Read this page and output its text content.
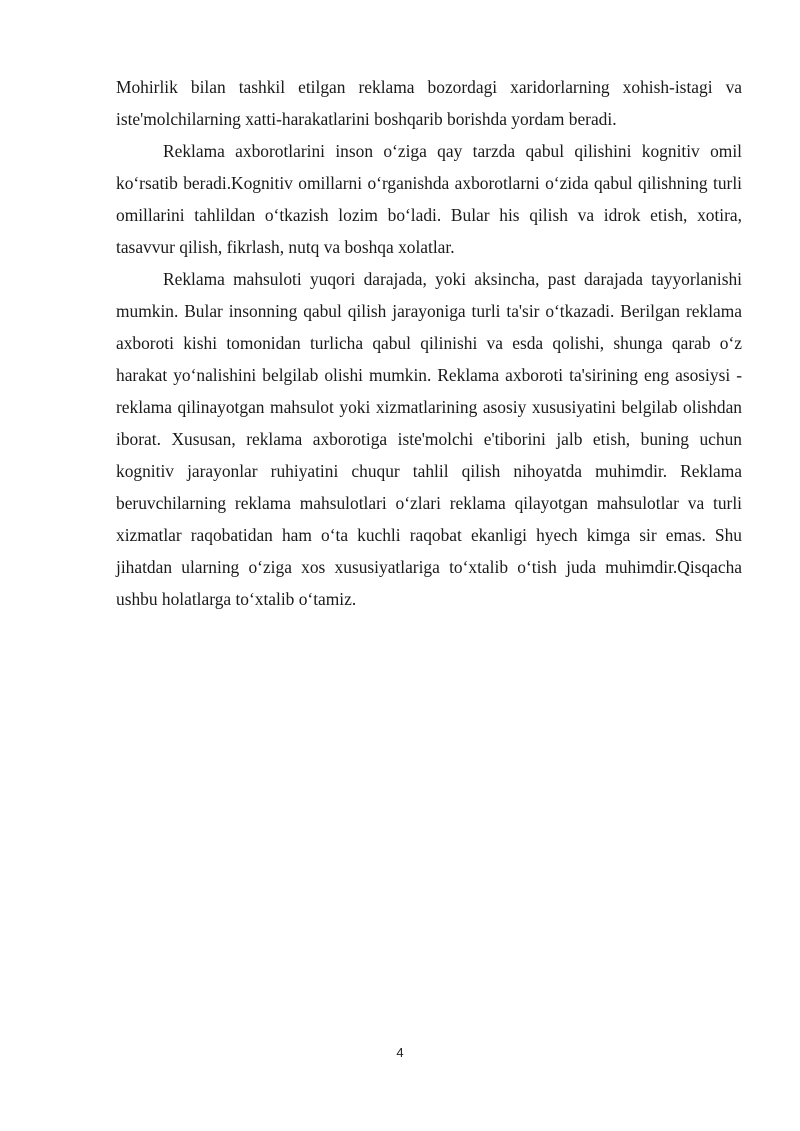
Mohirlik bilan tashkil etilgan reklama bozordagi xaridorlarning xohish-istagi va iste'molchilarning xatti-harakatlarini boshqarib borishda yordam beradi.

Reklama axborotlarini inson oʻziga qay tarzda qabul qilishini kognitiv omil koʻrsatib beradi.Kognitiv omillarni oʻrganishda axborotlarni oʻzida qabul qilishning turli omillarini tahlildan oʻtkazish lozim boʻladi. Bular his qilish va idrok etish, xotira, tasavvur qilish, fikrlash, nutq va boshqa xolatlar.

Reklama mahsuloti yuqori darajada, yoki aksincha, past darajada tayyorlanishi mumkin. Bular insonning qabul qilish jarayoniga turli ta'sir oʻtkazadi. Berilgan reklama axboroti kishi tomonidan turlicha qabul qilinishi va esda qolishi, shunga qarab oʻz harakat yoʻnalishini belgilab olishi mumkin. Reklama axboroti ta'sirining eng asosiysi - reklama qilinayotgan mahsulot yoki xizmatlarining asosiy xususiyatini belgilab olishdan iborat. Xususan, reklama axborotiga iste'molchi e'tiborini jalb etish, buning uchun kognitiv jarayonlar ruhiyatini chuqur tahlil qilish nihoyatda muhimdir. Reklama beruvchilarning reklama mahsulotlari oʻzlari reklama qilayotgan mahsulotlar va turli xizmatlar raqobatidan ham oʻta kuchli raqobat ekanligi hyech kimga sir emas. Shu jihatdan ularning oʻziga xos xususiyatlariga toʻxtalib oʻtish juda muhimdir.Qisqacha ushbu holatlarga toʻxtalib oʻtamiz.

4
